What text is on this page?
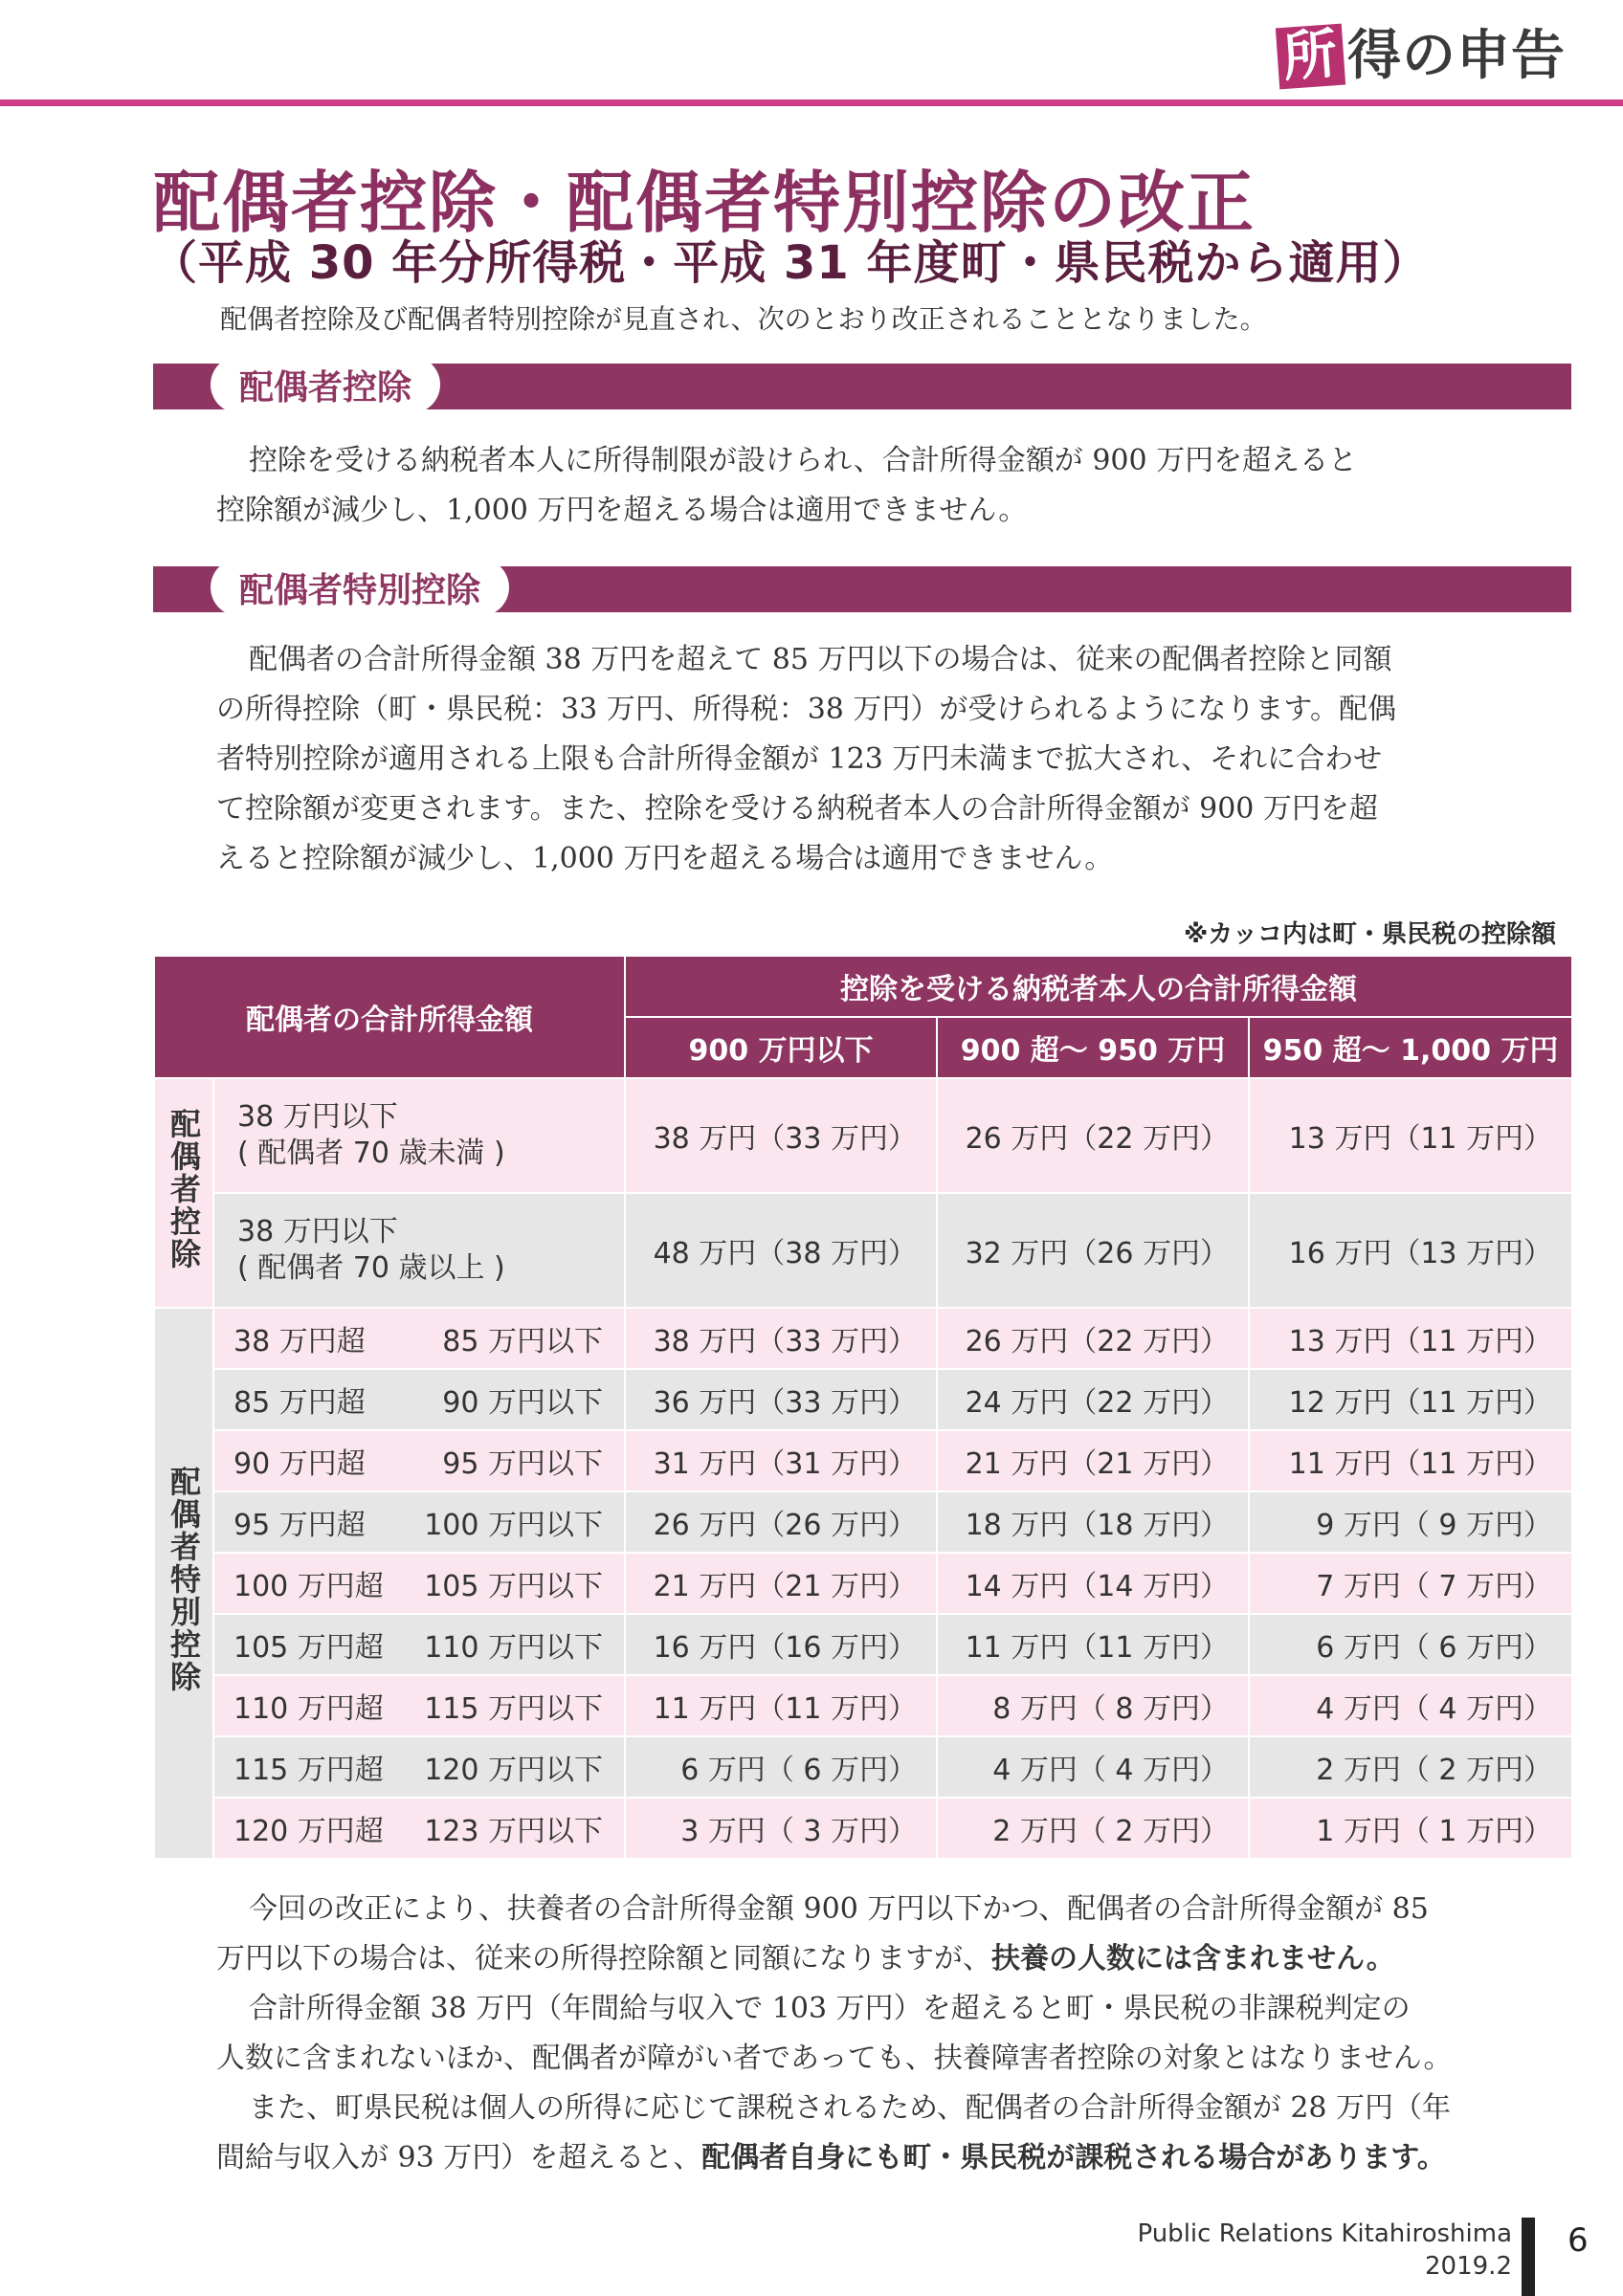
所 得の申告
配偶者控除・配偶者特別控除の改正
（平成 30 年分所得税・平成 31 年度町・県民税から適用）
配偶者控除及び配偶者特別控除が見直され、次のとおり改正されることとなりました。
配偶者控除
控除を受ける納税者本人に所得制限が設けられ、合計所得金額が 900 万円を超えると
控除額が減少し、1,000 万円を超える場合は適用できません。
配偶者特別控除
配偶者の合計所得金額 38 万円を超えて 85 万円以下の場合は、従来の配偶者控除と同額
の所得控除（町・県民税：33 万円、所得税：38 万円）が受けられるようになります。配偶
者特別控除が適用される上限も合計所得金額が 123 万円未満まで拡大され、それに合わせ
て控除額が変更されます。また、控除を受ける納税者本人の合計所得金額が 900 万円を超
えると控除額が減少し、1,000 万円を超える場合は適用できません。
※カッコ内は町・県民税の控除額
配偶者の合計所得金額		控除を受ける納税者本人の合計所得金額		
		900 万円以下	900 超～ 950 万円	950 超～ 1,000 万円
配偶者控除	38 万円以下
( 配偶者 70 歳未満 )	38 万円（33 万円）	26 万円（22 万円）	13 万円（11 万円）

	38 万円以下
( 配偶者 70 歳以上 )	48 万円（38 万円）	32 万円（26 万円）	16 万円（13 万円）
配偶者特別控除	38 万円超 85 万円以下	38 万円（33 万円）	26 万円（22 万円）	13 万円（11 万円）

	85 万円超 90 万円以下	36 万円（33 万円）	24 万円（22 万円）	12 万円（11 万円）

	90 万円超 95 万円以下	31 万円（31 万円）	21 万円（21 万円）	11 万円（11 万円）

	95 万円超 100 万円以下	26 万円（26 万円）	18 万円（18 万円）	9 万円（ 9 万円）

	100 万円超 105 万円以下	21 万円（21 万円）	14 万円（14 万円）	7 万円（ 7 万円）

	105 万円超 110 万円以下	16 万円（16 万円）	11 万円（11 万円）	6 万円（ 6 万円）

	110 万円超 115 万円以下	11 万円（11 万円）	8 万円（ 8 万円）	4 万円（ 4 万円）

	115 万円超 120 万円以下	6 万円（ 6 万円）	4 万円（ 4 万円）	2 万円（ 2 万円）

	120 万円超 123 万円以下	3 万円（ 3 万円）	2 万円（ 2 万円）	1 万円（ 1 万円）
今回の改正により、扶養者の合計所得金額 900 万円以下かつ、配偶者の合計所得金額が 85
万円以下の場合は、従来の所得控除額と同額になりますが、扶養の人数には含まれません。
合計所得金額 38 万円（年間給与収入で 103 万円）を超えると町・県民税の非課税判定の
人数に含まれないほか、配偶者が障がい者であっても、扶養障害者控除の対象とはなりません。
また、町県民税は個人の所得に応じて課税されるため、配偶者の合計所得金額が 28 万円（年
間給与収入が 93 万円）を超えると、配偶者自身にも町・県民税が課税される場合があります。
Public Relations Kitahiroshima
2019.2
6
